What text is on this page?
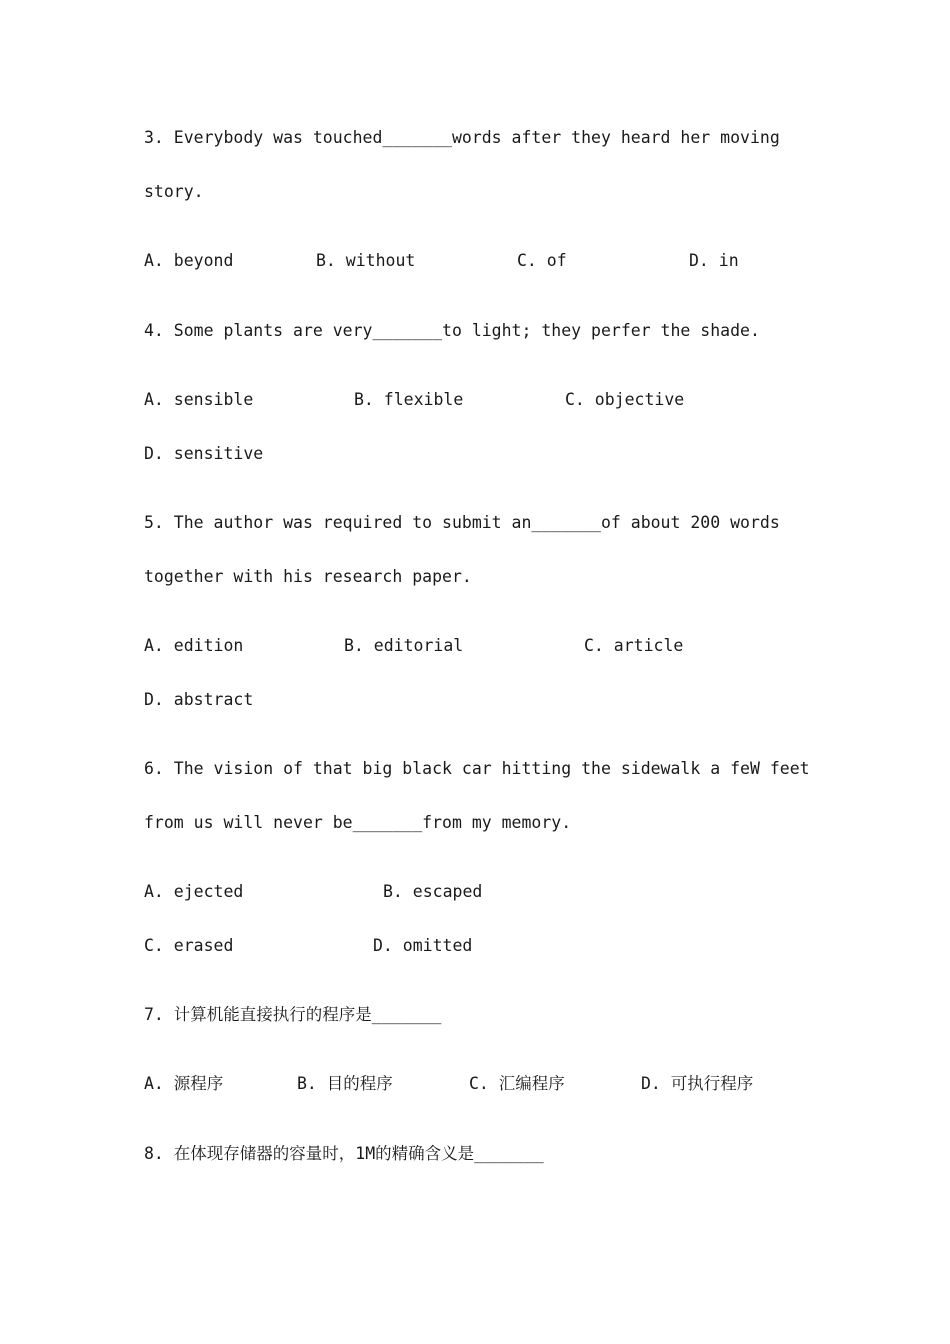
3. Everybody was touched_______words after they heard her moving
story.
A. beyond	B. without	C. of	D. in
4. Some plants are very_______to light; they perfer the shade.
A. sensible	B. flexible	C. objective
D. sensitive
5. The author was required to submit an_______of about 200 words
together with his research paper.
A. edition	B. editorial	C. article
D. abstract
6. The vision of that big black car hitting the sidewalk a feW feet
from us will never be_______from my memory.
A. ejected	B. escaped
C. erased	D. omitted
7. 计算机能直接执行的程序是_______
A. 源程序	B. 目的程序	C. 汇编程序	D. 可执行程序
8. 在体现存储器的容量时，1M的精确含义是_______
